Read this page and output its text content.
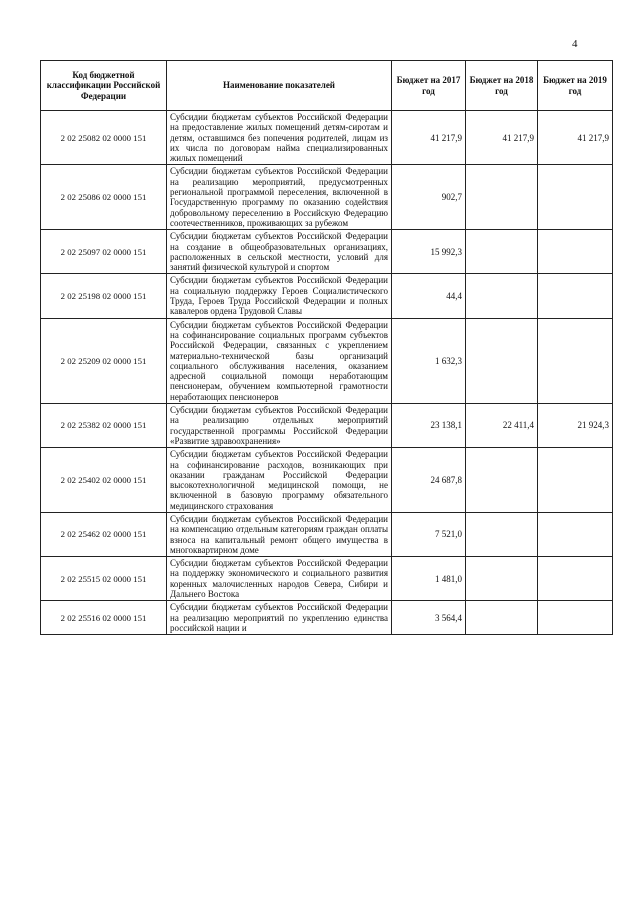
4
Код бюджетной классификации Российской Федерации	Наименование показателей	Бюджет на 2017 год	Бюджет на 2018 год	Бюджет на 2019 год
2 02 25082 02 0000 151	Субсидии бюджетам субъектов Российской Федерации на предоставление жилых помещений детям-сиротам и детям, оставшимся без попечения родителей, лицам из их числа по договорам найма специализированных жилых помещений	41 217,9	41 217,9	41 217,9
2 02 25086 02 0000 151	Субсидии бюджетам субъектов Российской Федерации на реализацию мероприятий, предусмотренных региональной программой переселения, включенной в Государственную программу по оказанию содействия добровольному переселению в Российскую Федерацию соотечественников, проживающих за рубежом	902,7		
2 02 25097 02 0000 151	Субсидии бюджетам субъектов Российской Федерации на создание в общеобразовательных организациях, расположенных в сельской местности, условий для занятий физической культурой и спортом	15 992,3		
2 02 25198 02 0000 151	Субсидии бюджетам субъектов Российской Федерации на социальную поддержку Героев Социалистического Труда, Героев Труда Российской Федерации и полных кавалеров ордена Трудовой Славы	44,4		
2 02 25209 02 0000 151	Субсидии бюджетам субъектов Российской Федерации на софинансирование социальных программ субъектов Российской Федерации, связанных с укреплением материально-технической базы организаций социального обслуживания населения, оказанием адресной социальной помощи неработающим пенсионерам, обучением компьютерной грамотности неработающих пенсионеров	1 632,3		
2 02 25382 02 0000 151	Субсидии бюджетам субъектов Российской Федерации на реализацию отдельных мероприятий государственной программы Российской Федерации «Развитие здравоохранения»	23 138,1	22 411,4	21 924,3
2 02 25402 02 0000 151	Субсидии бюджетам субъектов Российской Федерации на софинансирование расходов, возникающих при оказании гражданам Российской Федерации высокотехнологичной медицинской помощи, не включенной в базовую программу обязательного медицинского страхования	24 687,8		
2 02 25462 02 0000 151	Субсидии бюджетам субъектов Российской Федерации на компенсацию отдельным категориям граждан оплаты взноса на капитальный ремонт общего имущества в многоквартирном доме	7 521,0		
2 02 25515 02 0000 151	Субсидии бюджетам субъектов Российской Федерации на поддержку экономического и социального развития коренных малочисленных народов Севера, Сибири и Дальнего Востока	1 481,0		
2 02 25516 02 0000 151	Субсидии бюджетам субъектов Российской Федерации на реализацию мероприятий по укреплению единства российской нации и	3 564,4		
